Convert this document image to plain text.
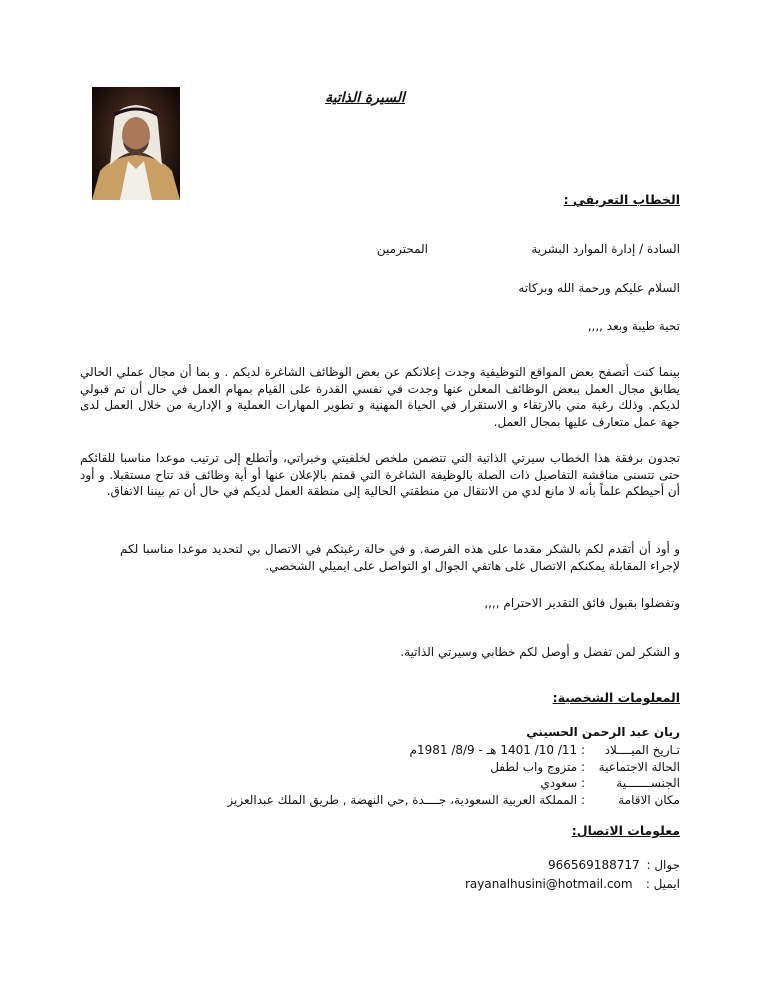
السيرة الذاتية
الخطاب التعريفي :
السادة / إدارة الموارد البشرية
المحترمين
السلام عليكم ورحمة الله وبركاته
تحية طيبة وبعد ,,,,
بينما كنت أتصفح بعض المواقع التوظيفية وجدت إعلانكم عن بعض الوظائف الشاغرة لديكم . و بما أن مجال عملي الحالي يطابق مجال العمل ببعض الوظائف المعلن عنها وجدت في نفسي القدرة على القيام بمهام العمل في حال أن تم قبولي لديكم. وذلك رغبة مني بالارتقاء و الاستقرار في الحياة المهنية و تطوير المهارات العملية و الإدارية من خلال العمل لدى جهة عمل متعارف عليها بمجال العمل.
تجدون برفقة هذا الخطاب سيرتي الذاتية التي تتضمن ملخص لخلفيتي وخبراتي، وأتطلع إلى ترتيب موعدا مناسبا للقائكم حتى تتسنى مناقشة التفاصيل ذات الصلة بالوظيفة الشاغرة التي قمتم بالإعلان عنها أو أية وظائف قد تتاح مستقبلا. و أود أن أحيطكم علماً بأنه لا مانع لدي من الانتقال من منطقتي الحالية إلى منطقة العمل لديكم في حال أن تم بيننا الاتفاق.
و أود أن أتقدم لكم بالشكر مقدما على هذه الفرصة. و في حالة رغبتكم في الاتصال بي لتحديد موعدا مناسبا لكم لإجراء المقابلة يمكنكم الاتصال على هاتفي الجوال او التواصل على ايميلي الشخصي.
وتفضلوا بقبول فائق التقدير الاحترام ,,,,
و الشكر لمن تفضل و أوصل لكم خطابي وسيرتي الذاتية.
المعلومات الشخصية:
ريان عبد الرحمن الحسيني
تـاريخ الميــــلاد
: 11/ 10/ 1401 هـ - 8/9/ 1981م
الحالة الاجتماعية
: متزوج واب لطفل
الجنســـــــية
: سعودي
مكان الاقامة
: المملكة العربية السعودية، جــــدة ,حي النهضة , طريق الملك عبدالعزيز
معلومات الاتصال:
جوال :
966569188717
ايميل :
rayanalhusini@hotmail.com
